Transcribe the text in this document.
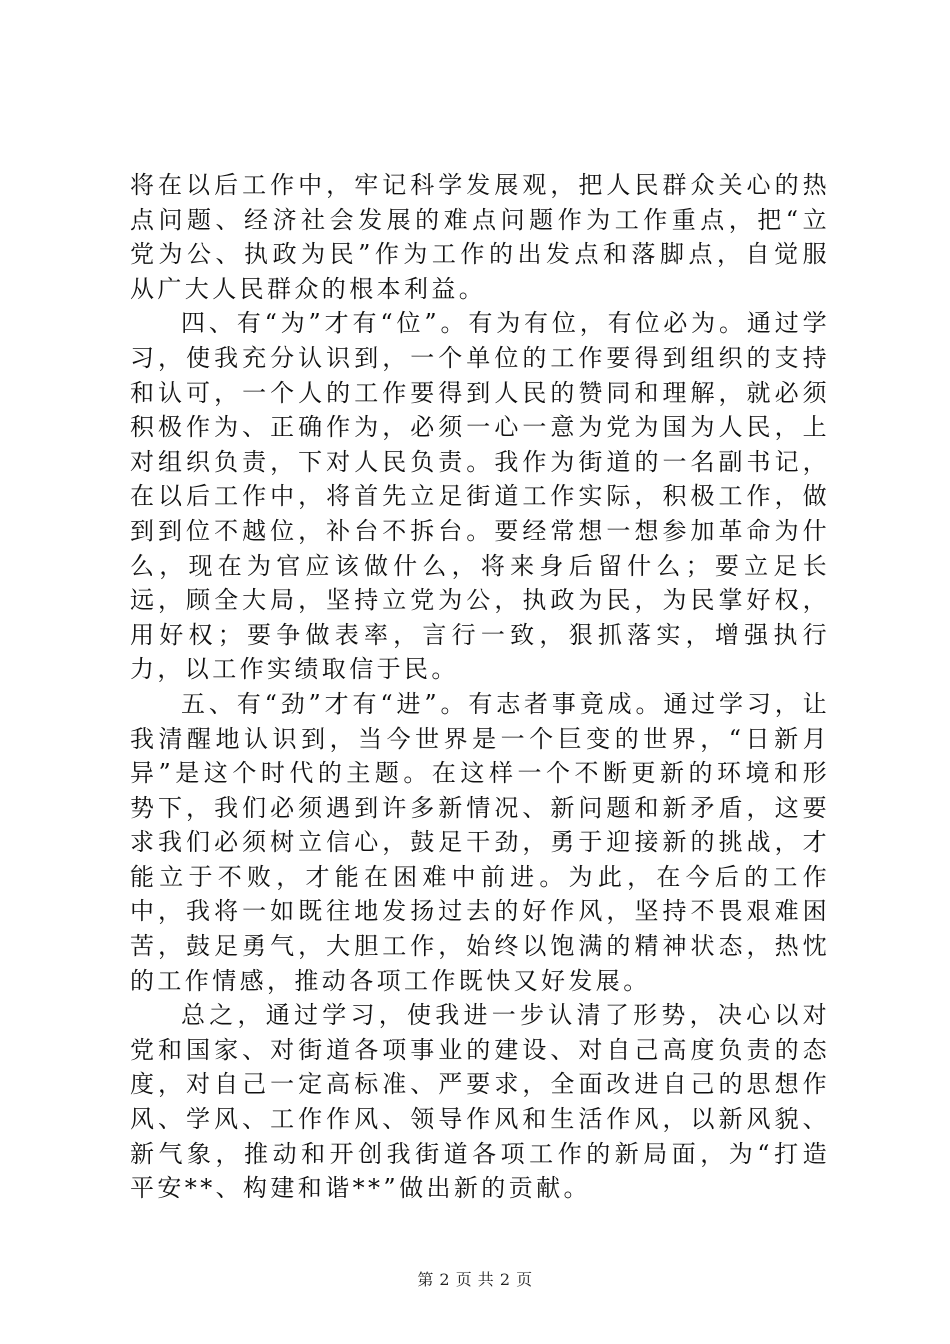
将在以后工作中，牢记科学发展观，把人民群众关心的热点问题、经济社会发展的难点问题作为工作重点，把“立党为公、执政为民”作为工作的出发点和落脚点，自觉服从广大人民群众的根本利益。

四、有“为”才有“位”。有为有位，有位必为。通过学习，使我充分认识到，一个单位的工作要得到组织的支持和认可，一个人的工作要得到人民的赞同和理解，就必须积极作为、正确作为，必须一心一意为党为国为人民，上对组织负责，下对人民负责。我作为街道的一名副书记，在以后工作中，将首先立足街道工作实际，积极工作，做到到位不越位，补台不拆台。要经常想一想参加革命为什么，现在为官应该做什么，将来身后留什么；要立足长远，顾全大局，坚持立党为公，执政为民，为民掌好权，用好权；要争做表率，言行一致，狠抓落实，增强执行力，以工作实绩取信于民。

五、有“劲”才有“进”。有志者事竟成。通过学习，让我清醒地认识到，当今世界是一个巨变的世界，“日新月异”是这个时代的主题。在这样一个不断更新的环境和形势下，我们必须遇到许多新情况、新问题和新矛盾，这要求我们必须树立信心，鼓足干劲，勇于迎接新的挑战，才能立于不败，才能在困难中前进。为此，在今后的工作中，我将一如既往地发扬过去的好作风，坚持不畏艰难困苦，鼓足勇气，大胆工作，始终以饱满的精神状态，热忱的工作情感，推动各项工作既快又好发展。

总之，通过学习，使我进一步认清了形势，决心以对党和国家、对街道各项事业的建设、对自己高度负责的态度，对自己一定高标准、严要求，全面改进自己的思想作风、学风、工作作风、领导作风和生活作风，以新风貌、新气象，推动和开创我街道各项工作的新局面，为“打造平安**、构建和谐**”做出新的贡献。

第 2 页 共 2 页
